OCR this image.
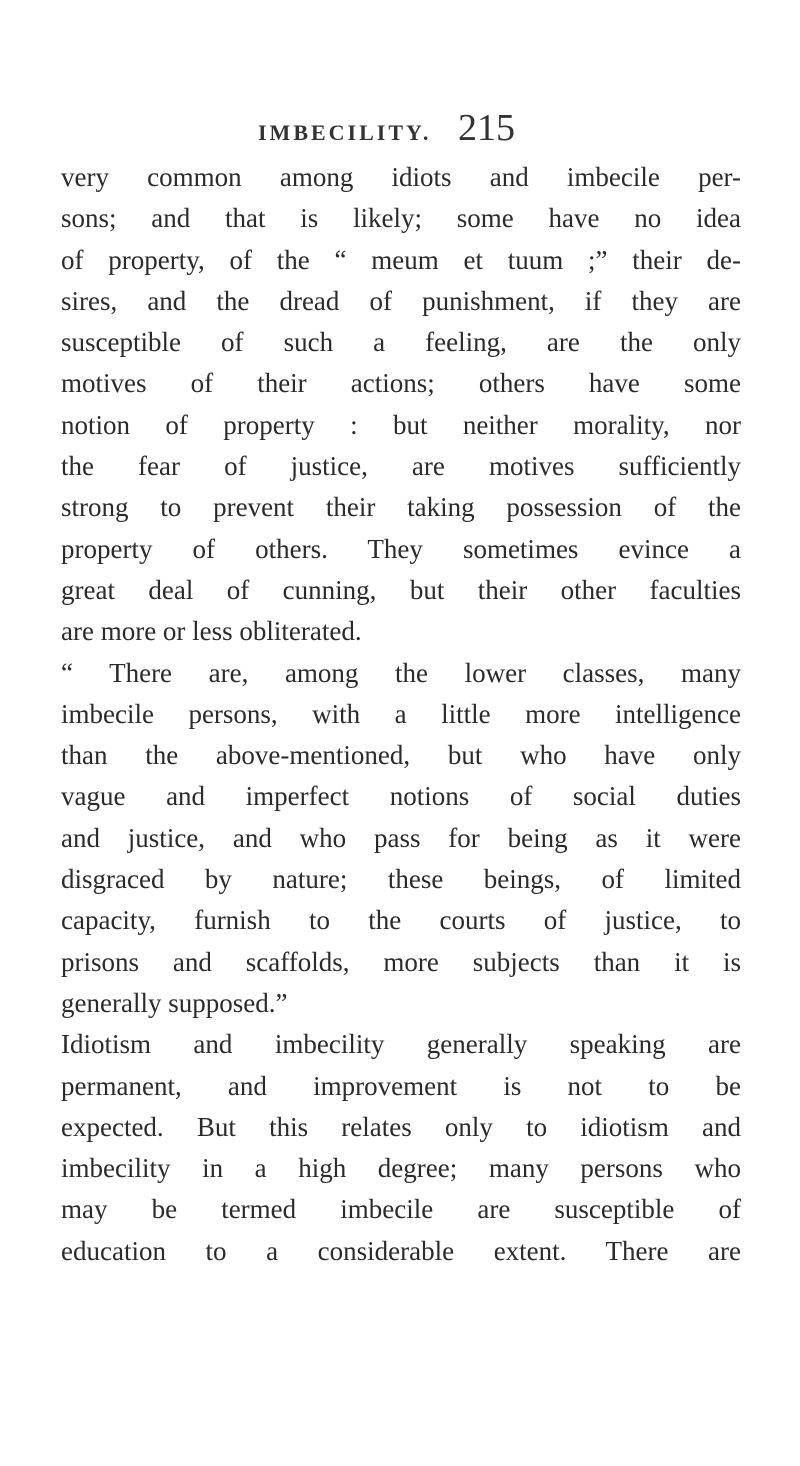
IMBECILITY. 215
very common among idiots and imbecile per-
sons; and that is likely; some have no idea
of property, of the “ meum et tuum ;” their de-
sires, and the dread of punishment, if they are
susceptible of such a feeling, are the only
motives of their actions; others have some
notion of property : but neither morality, nor
the fear of justice, are motives sufficiently
strong to prevent their taking possession of the
property of others. They sometimes evince a
great deal of cunning, but their other faculties
are more or less obliterated.
“ There are, among the lower classes, many
imbecile persons, with a little more intelligence
than the above-mentioned, but who have only
vague and imperfect notions of social duties
and justice, and who pass for being as it were
disgraced by nature; these beings, of limited
capacity, furnish to the courts of justice, to
prisons and scaffolds, more subjects than it is
generally supposed.”
Idiotism and imbecility generally speaking are
permanent, and improvement is not to be
expected. But this relates only to idiotism and
imbecility in a high degree; many persons who
may be termed imbecile are susceptible of
education to a considerable extent. There are
